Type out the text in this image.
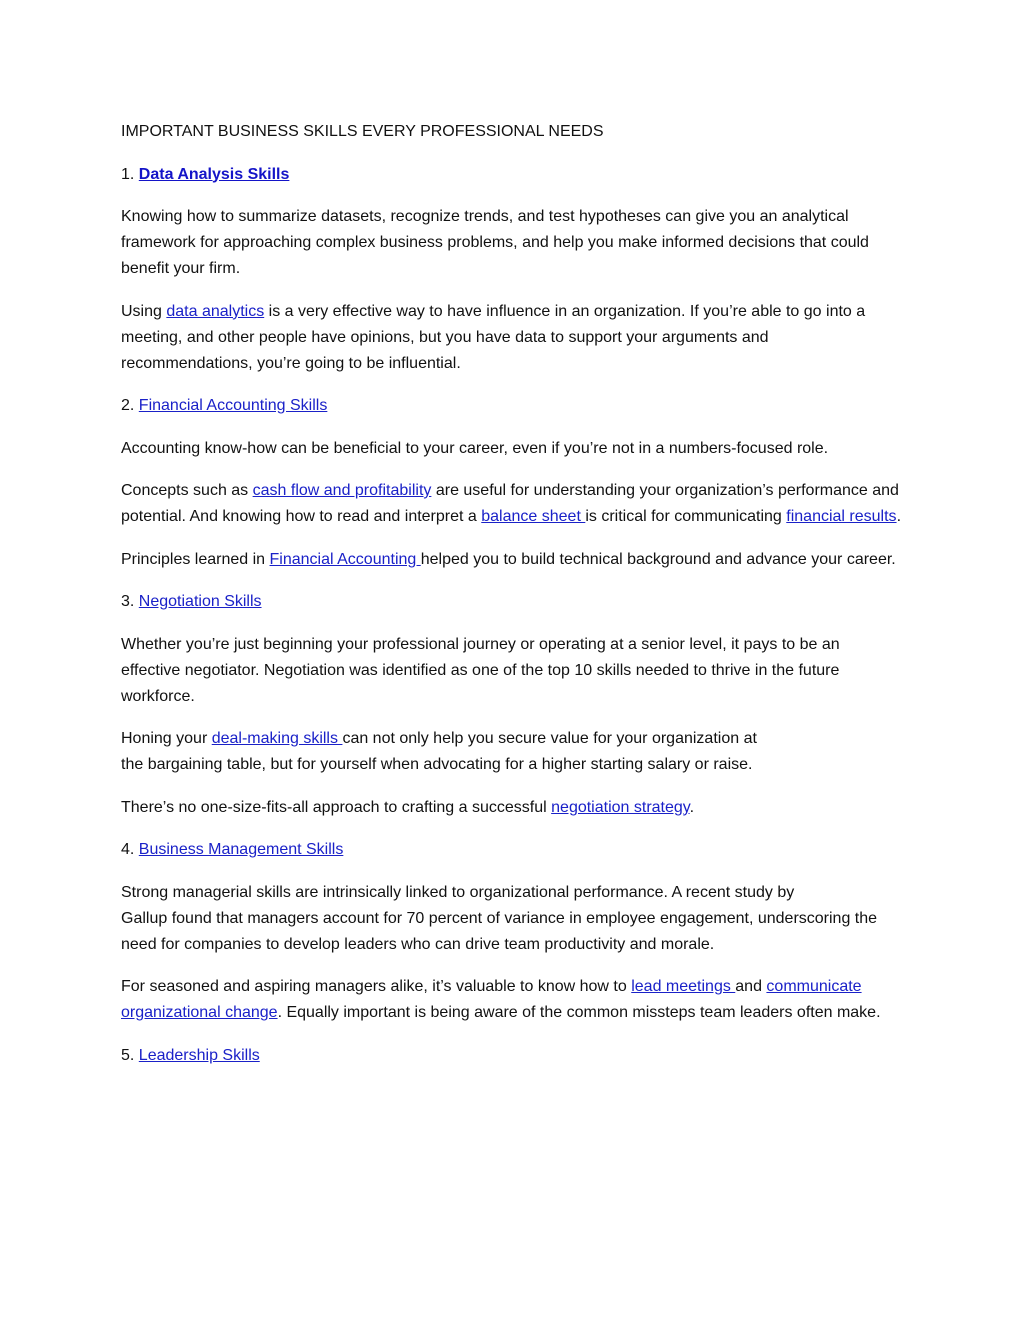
IMPORTANT BUSINESS SKILLS EVERY PROFESSIONAL NEEDS

1. Data Analysis Skills

Knowing how to summarize datasets, recognize trends, and test hypotheses can give you an analytical framework for approaching complex business problems, and help you make informed decisions that could benefit your firm.

Using data analytics is a very effective way to have influence in an organization. If you’re able to go into a meeting, and other people have opinions, but you have data to support your arguments and recommendations, you’re going to be influential.

2. Financial Accounting Skills

Accounting know-how can be beneficial to your career, even if you’re not in a numbers-focused role.

Concepts such as cash flow and profitability are useful for understanding your organization’s performance and potential. And knowing how to read and interpret a balance sheet is critical for communicating financial results.

Principles learned in Financial Accounting helped you to build technical background and advance your career.

3. Negotiation Skills

Whether you’re just beginning your professional journey or operating at a senior level, it pays to be an effective negotiator. Negotiation was identified as one of the top 10 skills needed to thrive in the future workforce.

Honing your deal-making skills can not only help you secure value for your organization at
the bargaining table, but for yourself when advocating for a higher starting salary or raise.

There’s no one-size-fits-all approach to crafting a successful negotiation strategy.

4. Business Management Skills

Strong managerial skills are intrinsically linked to organizational performance. A recent study by
Gallup found that managers account for 70 percent of variance in employee engagement, underscoring the need for companies to develop leaders who can drive team productivity and morale.

For seasoned and aspiring managers alike, it’s valuable to know how to lead meetings and communicate organizational change. Equally important is being aware of the common missteps team leaders often make.

5. Leadership Skills
